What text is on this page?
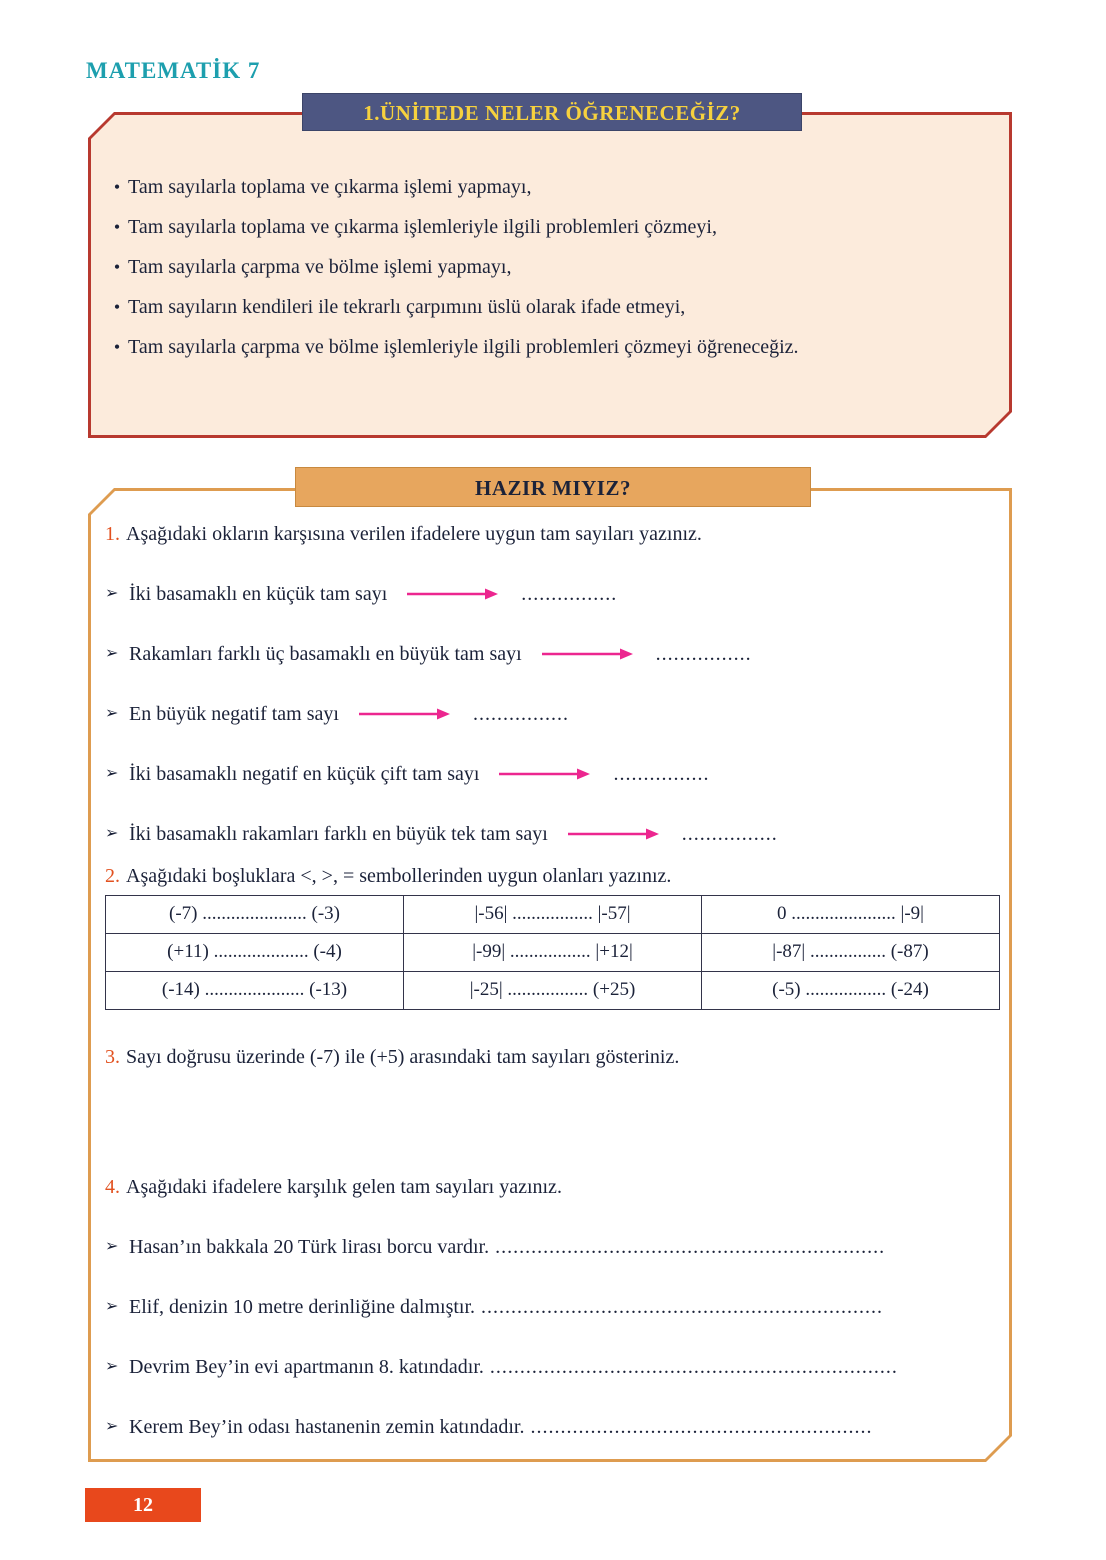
MATEMATİK 7
1.ÜNİTEDE NELER ÖĞRENECEĞİZ?
• Tam sayılarla toplama ve çıkarma işlemi yapmayı,
• Tam sayılarla toplama ve çıkarma işlemleriyle ilgili problemleri çözmeyi,
• Tam sayılarla çarpma ve bölme işlemi yapmayı,
• Tam sayıların kendileri ile tekrarlı çarpımını üslü olarak ifade etmeyi,
• Tam sayılarla çarpma ve bölme işlemleriyle ilgili problemleri çözmeyi öğreneceğiz.
HAZIR MIYIZ?

1. Aşağıdaki okların karşısına verilen ifadelere uygun tam sayıları yazınız.

➢ İki basamaklı en küçük tam sayı	................
➢ Rakamları farklı üç basamaklı en büyük tam sayı	................
➢ En büyük negatif tam sayı	................
➢ İki basamaklı negatif en küçük çift tam sayı	................
➢ İki basamaklı rakamları farklı en büyük tek tam sayı	................

2. Aşağıdaki boşluklara <, >, = sembollerinden uygun olanları yazınız.

(-7) ...................... (-3)	|-56| ................. |-57|	0 ...................... |-9|
(+11) .................... (-4)	|-99| ................. |+12|	|-87| ................ (-87)
(-14) ..................... (-13)	|-25| ................. (+25)	(-5) ................. (-24)

3. Sayı doğrusu üzerinde (-7) ile (+5) arasındaki tam sayıları gösteriniz.

4. Aşağıdaki ifadelere karşılık gelen tam sayıları yazınız.

➢ Hasan’ın bakkala 20 Türk lirası borcu vardır. .................................................................
➢ Elif, denizin 10 metre derinliğine dalmıştır. ...................................................................
➢ Devrim Bey’in evi apartmanın 8. katındadır. ....................................................................
➢ Kerem Bey’in odası hastanenin zemin katındadır. .........................................................
12
